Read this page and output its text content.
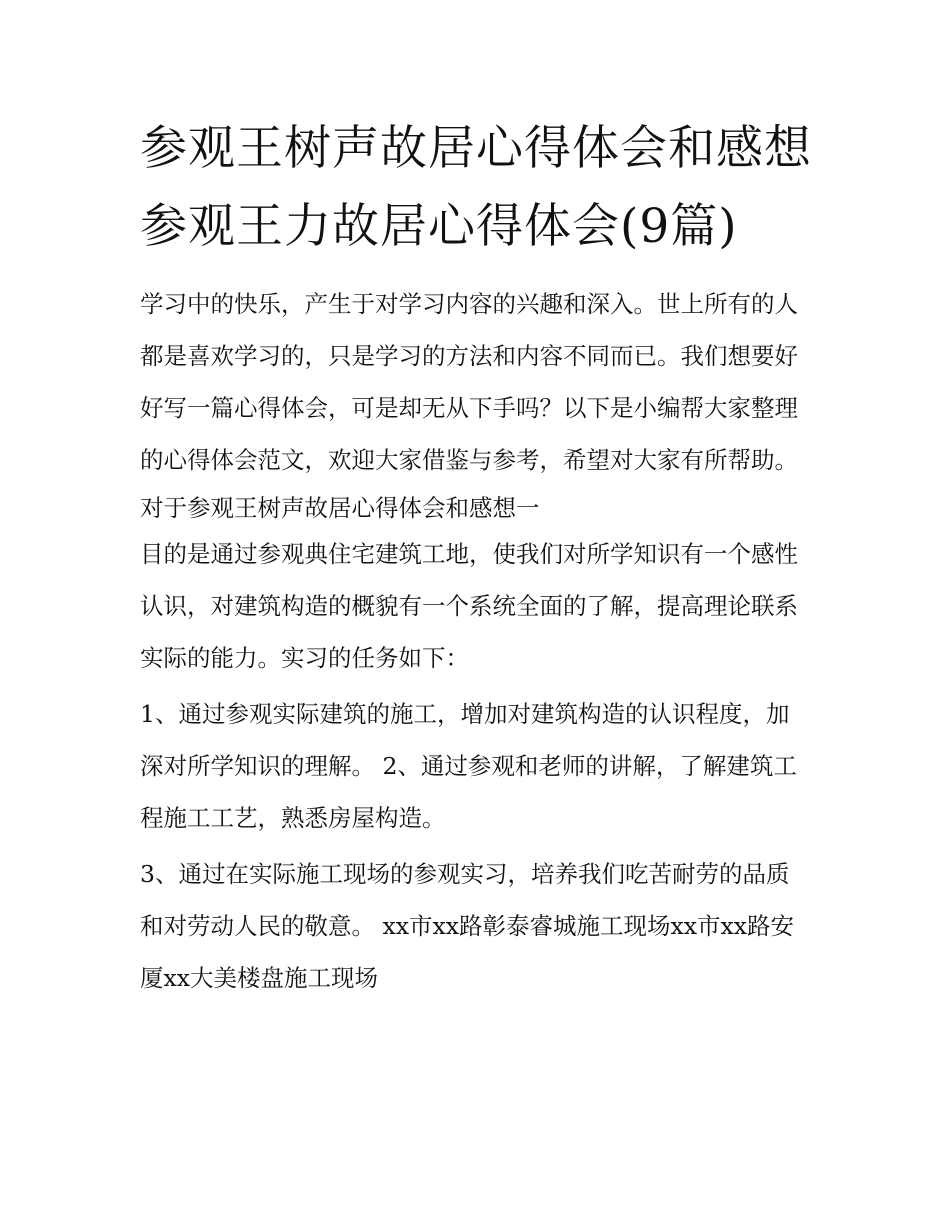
参观王树声故居心得体会和感想 参观王力故居心得体会(9篇)

学习中的快乐，产生于对学习内容的兴趣和深入。世上所有的人都是喜欢学习的，只是学习的方法和内容不同而已。我们想要好好写一篇心得体会，可是却无从下手吗？以下是小编帮大家整理的心得体会范文，欢迎大家借鉴与参考，希望对大家有所帮助。

对于参观王树声故居心得体会和感想一

目的是通过参观典住宅建筑工地，使我们对所学知识有一个感性认识，对建筑构造的概貌有一个系统全面的了解，提高理论联系实际的能力。实习的任务如下：

1、通过参观实际建筑的施工，增加对建筑构造的认识程度，加深对所学知识的理解。 2、通过参观和老师的讲解，了解建筑工程施工工艺，熟悉房屋构造。

3、通过在实际施工现场的参观实习，培养我们吃苦耐劳的品质和对劳动人民的敬意。 xx市xx路彰泰睿城施工现场xx市xx路安厦xx大美楼盘施工现场
